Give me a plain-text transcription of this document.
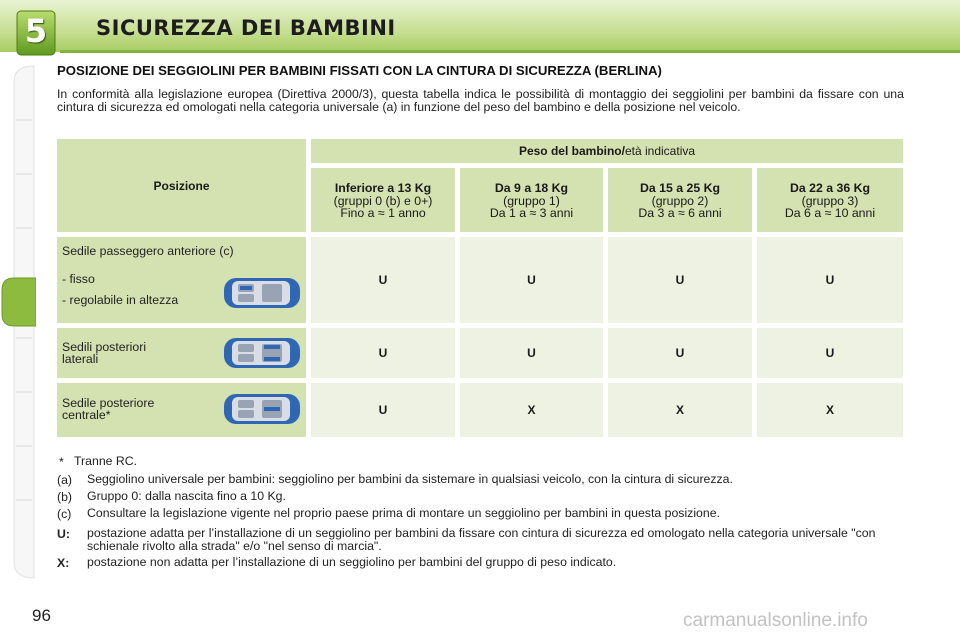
5	SICUREZZA DEI BAMBINI
POSIZIONE DEI SEGGIOLINI PER BAMBINI FISSATI CON LA CINTURA DI SICUREZZA (BERLINA)
In conformità alla legislazione europea (Direttiva 2000/3), questa tabella indica le possibilità di montaggio dei seggiolini per bambini da fissare con una cintura di sicurezza ed omologati nella categoria universale (a) in funzione del peso del bambino e della posizione nel veicolo.
Posizione
Peso del bambino/ età indicativa
Inferiore a 13 Kg
(gruppi 0 (b) e 0+)
Fino a ≈ 1 anno
Da 9 a 18 Kg
(gruppo 1)
Da 1 a ≈ 3 anni
Da 15 a 25 Kg
(gruppo 2)
Da 3 a ≈ 6 anni
Da 22 a 36 Kg
(gruppo 3)
Da 6 a ≈ 10 anni
Sedile passeggero anteriore (c)
- fisso
- regolabile in altezza
U	U	U	U
Sedili posteriori
laterali	U	U	U	U
Sedile posteriore
centrale*	U	X	X	X
* Tranne RC.
(a) Seggiolino universale per bambini: seggiolino per bambini da sistemare in qualsiasi veicolo, con la cintura di sicurezza.
(b) Gruppo 0: dalla nascita fino a 10 Kg.
(c) Consultare la legislazione vigente nel proprio paese prima di montare un seggiolino per bambini in questa posizione.
U: postazione adatta per l’installazione di un seggiolino per bambini da fissare con cintura di sicurezza ed omologato nella categoria universale "con schienale rivolto alla strada" e/o "nel senso di marcia".
X: postazione non adatta per l’installazione di un seggiolino per bambini del gruppo di peso indicato.
96	carmanualsonline.info
